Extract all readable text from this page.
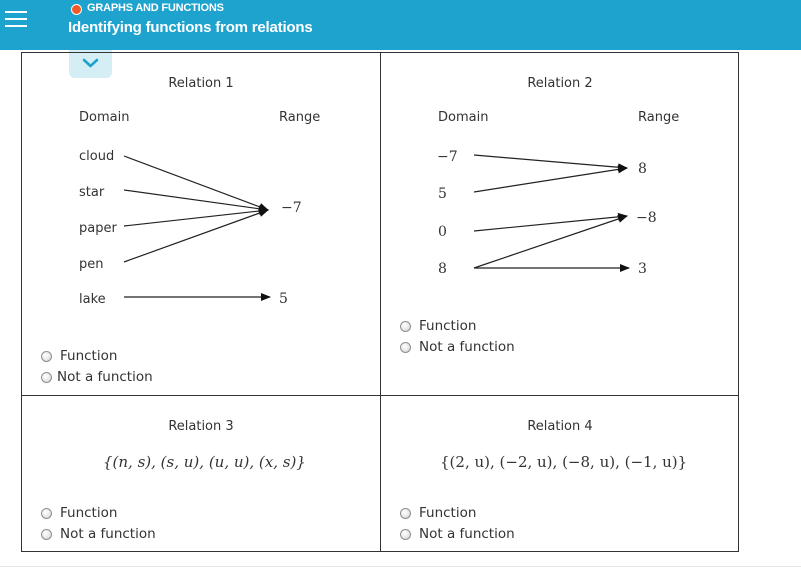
GRAPHS AND FUNCTIONS
Identifying functions from relations
Relation 1
Domain	Range
cloud
star
paper
pen
lake
−7
5
Function
Not a function
Relation 2
Domain	Range
−7
5
0
8
8
−8
3
Function
Not a function
Relation 3
{(n, s), (s, u), (u, u), (x, s)}
Function
Not a function
Relation 4
{(2, u), (−2, u), (−8, u), (−1, u)}
Function
Not a function
